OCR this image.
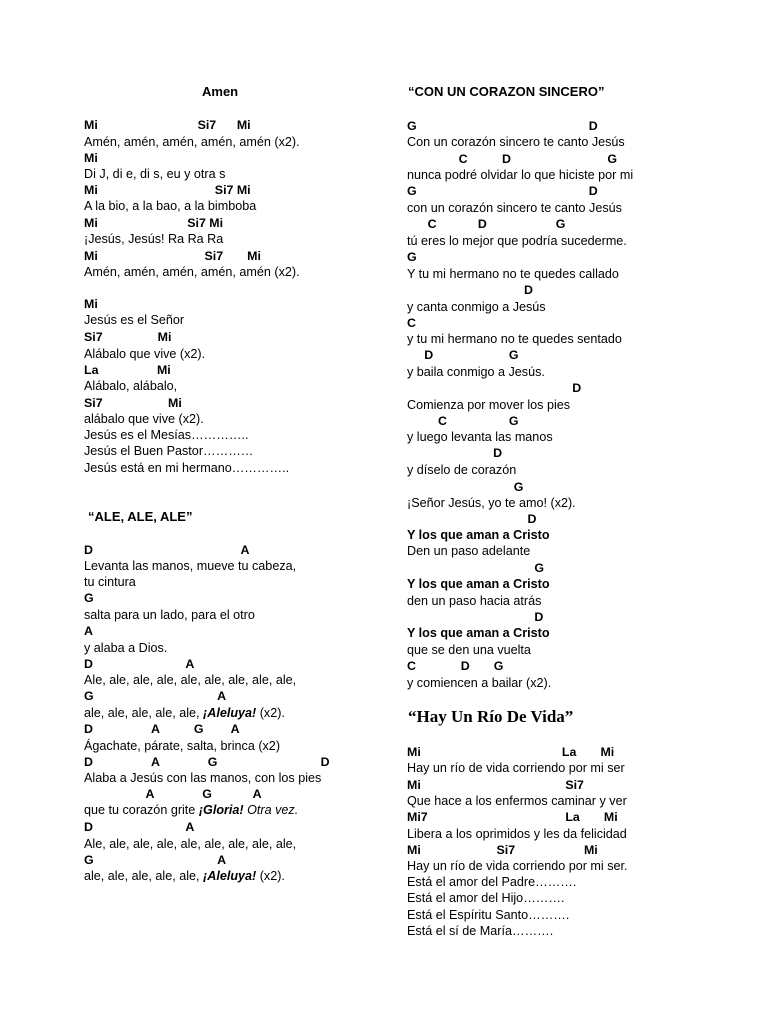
Amen
Mi                             Si7      Mi
Amén, amén, amén, amén, amén (x2).
Mi
Di J, di e, di s, eu y otra s
Mi                                  Si7 Mi
A la bio, a la bao, a la bimboba
Mi                          Si7 Mi
¡Jesús, Jesús! Ra Ra Ra
Mi                               Si7       Mi
Amén, amén, amén, amén, amén (x2).
Mi
Jesús es el Señor
Si7                Mi
Alábalo que vive (x2).
La                 Mi
Alábalo, alábalo,
Si7                   Mi
alábalo que vive (x2).
Jesús es el Mesías…………..
Jesús el Buen Pastor…………
Jesús está en mi hermano…………..
“ALE, ALE, ALE”
D                                           A
Levanta las manos, mueve tu cabeza,
tu cintura
G
salta para un lado, para el otro
A
y alaba a Dios.
D                           A
Ale, ale, ale, ale, ale, ale, ale, ale, ale,
G                                    A
ale, ale, ale, ale, ale, ¡Aleluya! (x2).
D                 A          G        A
Ágachate, párate, salta, brinca (x2)
D                 A              G                              D
Alaba a Jesús con las manos, con los pies
A              G            A
que tu corazón grite ¡Gloria! Otra vez.
D                           A
Ale, ale, ale, ale, ale, ale, ale, ale, ale,
G                                    A
ale, ale, ale, ale, ale, ¡Aleluya! (x2).
“CON UN CORAZON SINCERO”
G                                                  D
Con un corazón sincero te canto Jesús
C          D                            G
nunca podré olvidar lo que hiciste por mi
G                                                  D
con un corazón sincero te canto Jesús
C            D                    G
tú eres lo mejor que podría sucederme.
G
Y tu mi hermano no te quedes callado
D
y canta conmigo a Jesús
C
y tu mi hermano no te quedes sentado
D                      G
y baila conmigo a Jesús.
D
Comienza por mover los pies
C                  G
y luego levanta las manos
D
y díselo de corazón
G
¡Señor Jesús, yo te amo! (x2).
D
Y los que aman a Cristo
Den un paso adelante
G
Y los que aman a Cristo
den un paso hacia atrás
D
Y los que aman a Cristo
que se den una vuelta
C             D       G
y comiencen a bailar (x2).
“Hay Un Río De Vida”
Mi                                         La       Mi
Hay un río de vida corriendo por mi ser
Mi                                          Si7
Que hace a los enfermos caminar y ver
Mi7                                        La       Mi
Libera a los oprimidos y les da felicidad
Mi                      Si7                    Mi
Hay un río de vida corriendo por mi ser.
Está el amor del Padre……….
Está el amor del Hijo……….
Está el Espíritu Santo……….
Está el sí de María……….
